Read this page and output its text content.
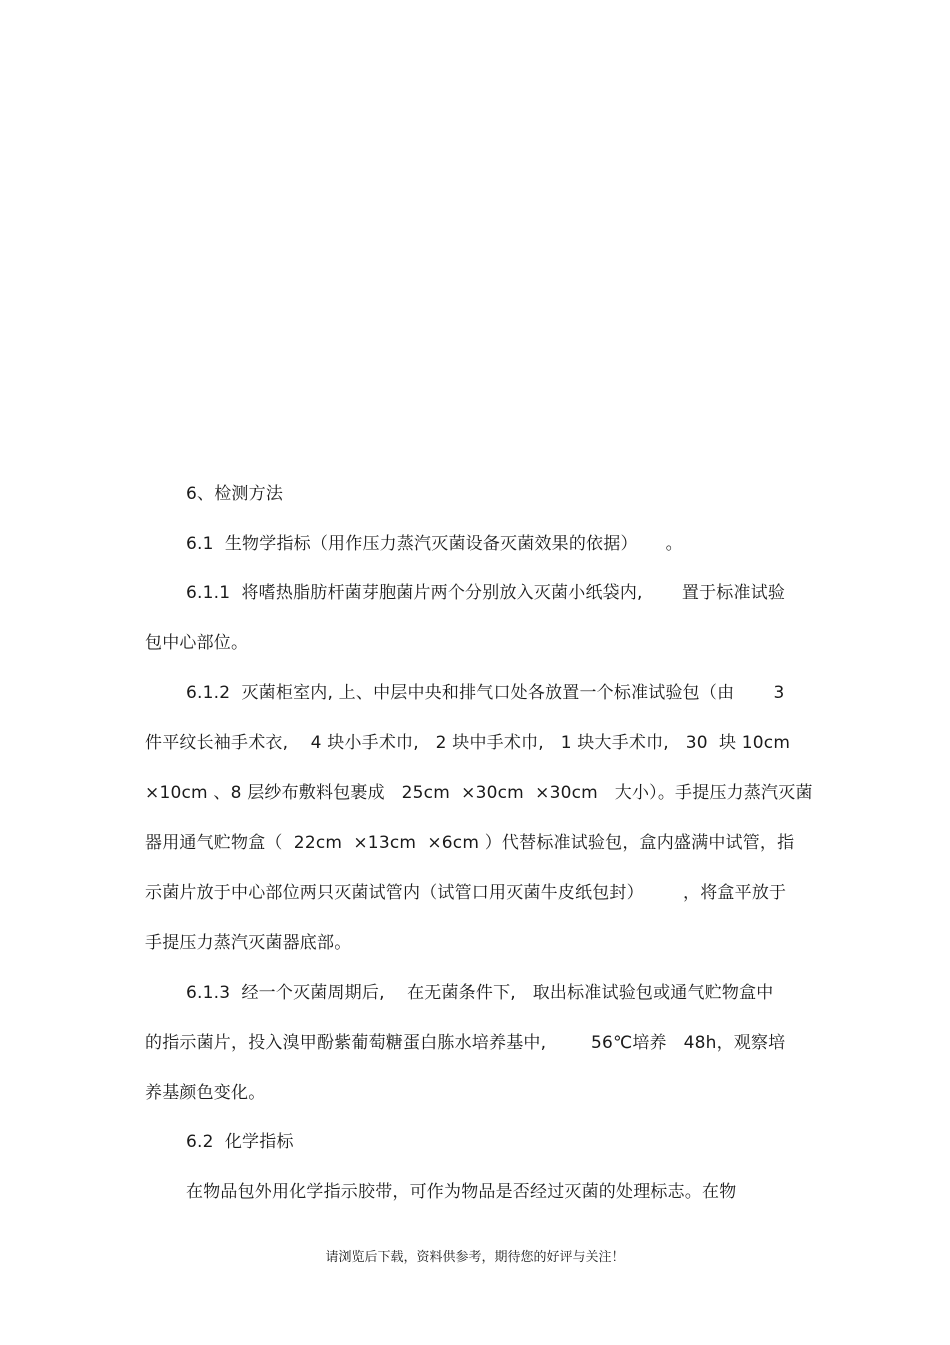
6、检测方法
6.1  生物学指标（用作压力蒸汽灭菌设备灭菌效果的依据）     。
6.1.1  将嗜热脂肪杆菌芽胞菌片两个分别放入灭菌小纸袋内,       置于标准试验
包中心部位。
6.1.2  灭菌柜室内, 上、中层中央和排气口处各放置一个标准试验包（由       3
件平纹长袖手术衣,    4 块小手术巾,   2 块中手术巾,   1 块大手术巾,   30  块 10cm
×10cm 、8 层纱布敷料包裹成   25cm  ×30cm  ×30cm   大小）。手提压力蒸汽灭菌
器用通气贮物盒（  22cm  ×13cm  ×6cm ）代替标准试验包，盒内盛满中试管，指
示菌片放于中心部位两只灭菌试管内（试管口用灭菌牛皮纸包封）       ，将盒平放于
手提压力蒸汽灭菌器底部。
6.1.3  经一个灭菌周期后,    在无菌条件下,   取出标准试验包或通气贮物盒中
的指示菌片，投入溴甲酚紫葡萄糖蛋白胨水培养基中,        56℃培养   48h，观察培
养基颜色变化。
6.2  化学指标
在物品包外用化学指示胶带，可作为物品是否经过灭菌的处理标志。在物
请浏览后下载，资料供参考，期待您的好评与关注！
